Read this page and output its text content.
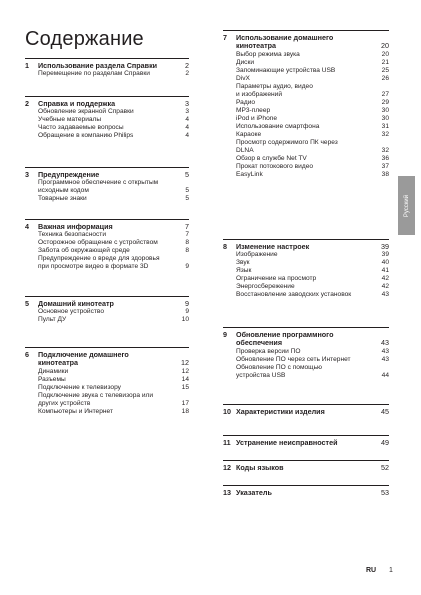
Содержание
1	Использование раздела Справки	2
Перемещение по разделам Справки	2
2	Справка и поддержка	3
Обновление экранной Справки	3
Учебные материалы	4
Часто задаваемые вопросы	4
Обращение в компанию Philips	4
3	Предупреждение	5
Программное обеспечение с открытым
исходным кодом	5
Товарные знаки	5
4	Важная информация	7
Техника безопасности	7
Осторожное обращение с устройством	8
Забота об окружающей среде	8
Предупреждение о вреде для здоровья
при просмотре видео в формате 3D	9
5	Домашний кинотеатр	9
Основное устройство	9
Пульт ДУ	10
6	Подключение домашнего
кинотеатра	12
Динамики	12
Разъемы	14
Подключение к телевизору	15
Подключение звука с телевизора или
других устройств	17
Компьютеры и Интернет	18
7	Использование домашнего
кинотеатра	20
Выбор режима звука	20
Диски	21
Запоминающие устройства USB	25
DivX	26
Параметры аудио, видео
и изображений	27
Радио	29
MP3-плеер	30
iPod и iPhone	30
Использование смартфона	31
Караоке	32
Просмотр содержимого ПК через
DLNA	32
Обзор в службе Net TV	36
Прокат потокового видео	37
EasyLink	38
8	Изменение настроек	39
Изображение	39
Звук	40
Язык	41
Ограничение на просмотр	42
Энергосбережение	42
Восстановление заводских установок	43
9	Обновление программного
обеспечения	43
Проверка версии ПО	43
Обновление ПО через сеть Интернет	43
Обновление ПО с помощью
устройства USB	44
10 Характеристики изделия	45
11 Устранение неисправностей	49
12 Коды языков	52
13 Указатель	53
Русский
RU 1
